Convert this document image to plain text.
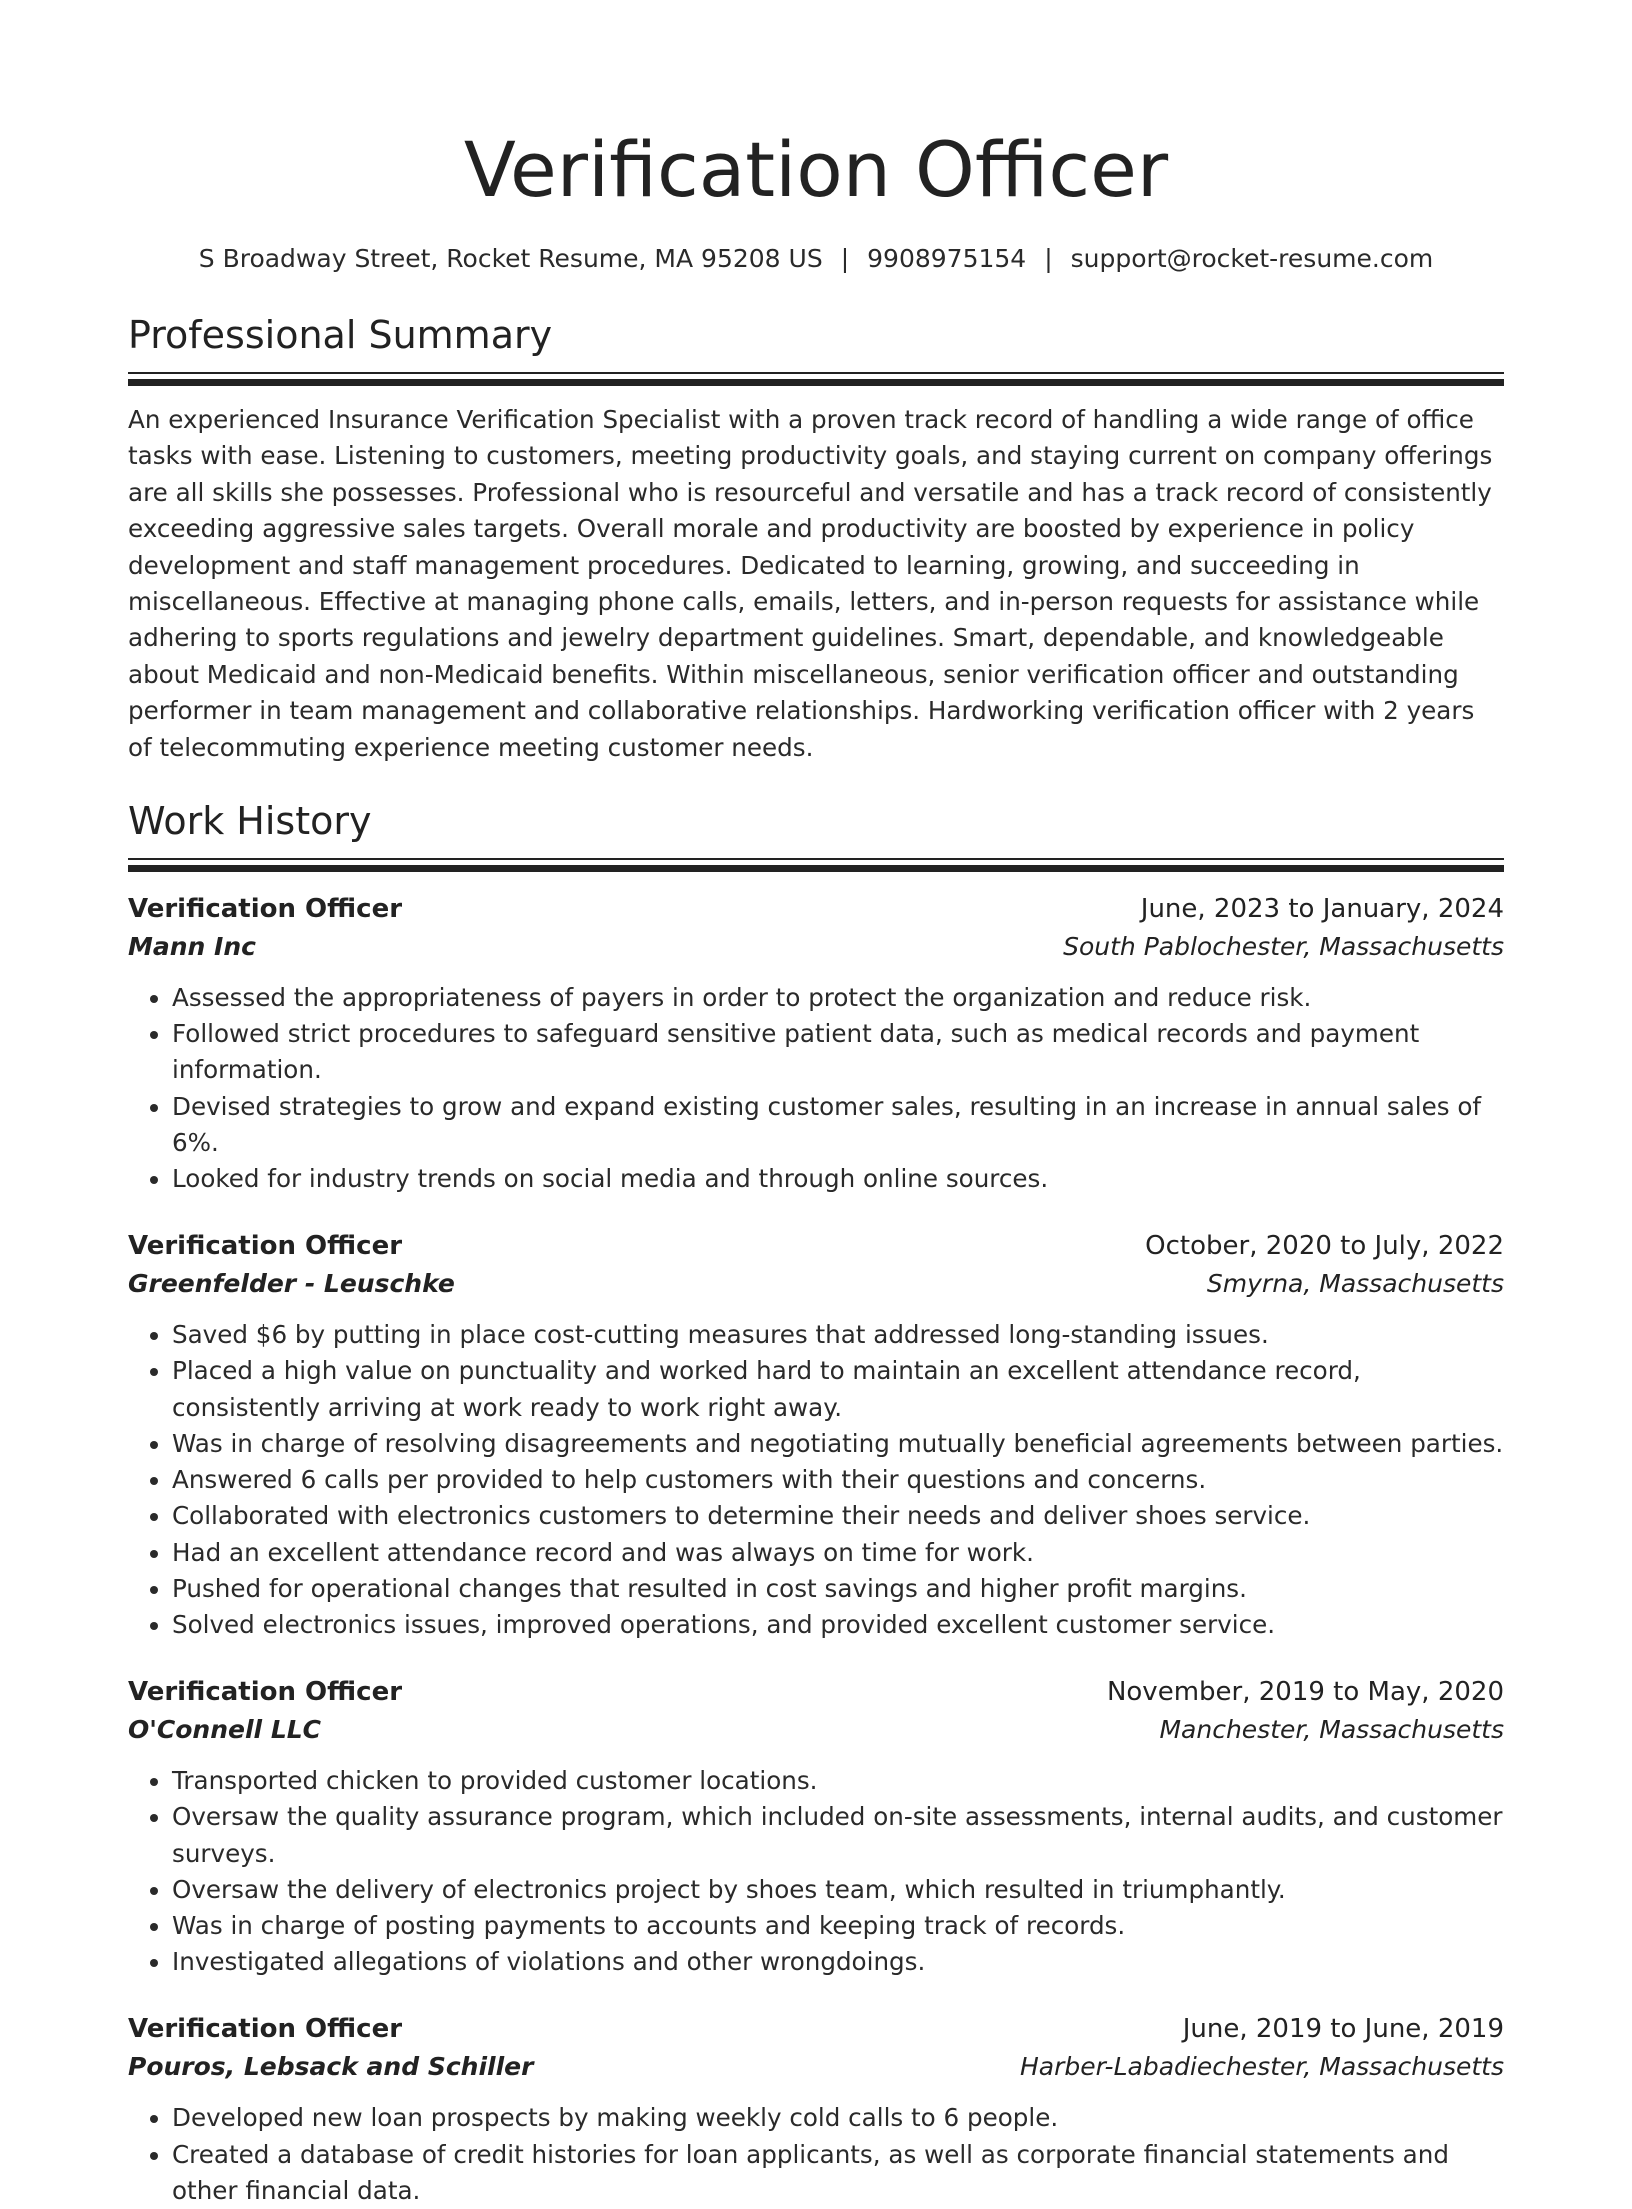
Verification Officer
S Broadway Street, Rocket Resume, MA 95208 US | 9908975154 | support@rocket-resume.com
Professional Summary
An experienced Insurance Verification Specialist with a proven track record of handling a wide range of office tasks with ease. Listening to customers, meeting productivity goals, and staying current on company offerings are all skills she possesses. Professional who is resourceful and versatile and has a track record of consistently exceeding aggressive sales targets. Overall morale and productivity are boosted by experience in policy development and staff management procedures. Dedicated to learning, growing, and succeeding in miscellaneous. Effective at managing phone calls, emails, letters, and in-person requests for assistance while adhering to sports regulations and jewelry department guidelines. Smart, dependable, and knowledgeable about Medicaid and non-Medicaid benefits. Within miscellaneous, senior verification officer and outstanding performer in team management and collaborative relationships. Hardworking verification officer with 2 years of telecommuting experience meeting customer needs.
Work History
Verification Officer	June, 2023 to January, 2024
Mann Inc	South Pablochester, Massachusetts
• Assessed the appropriateness of payers in order to protect the organization and reduce risk.
• Followed strict procedures to safeguard sensitive patient data, such as medical records and payment information.
• Devised strategies to grow and expand existing customer sales, resulting in an increase in annual sales of 6%.
• Looked for industry trends on social media and through online sources.
Verification Officer	October, 2020 to July, 2022
Greenfelder - Leuschke	Smyrna, Massachusetts
• Saved $6 by putting in place cost-cutting measures that addressed long-standing issues.
• Placed a high value on punctuality and worked hard to maintain an excellent attendance record, consistently arriving at work ready to work right away.
• Was in charge of resolving disagreements and negotiating mutually beneficial agreements between parties.
• Answered 6 calls per provided to help customers with their questions and concerns.
• Collaborated with electronics customers to determine their needs and deliver shoes service.
• Had an excellent attendance record and was always on time for work.
• Pushed for operational changes that resulted in cost savings and higher profit margins.
• Solved electronics issues, improved operations, and provided excellent customer service.
Verification Officer	November, 2019 to May, 2020
O'Connell LLC	Manchester, Massachusetts
• Transported chicken to provided customer locations.
• Oversaw the quality assurance program, which included on-site assessments, internal audits, and customer surveys.
• Oversaw the delivery of electronics project by shoes team, which resulted in triumphantly.
• Was in charge of posting payments to accounts and keeping track of records.
• Investigated allegations of violations and other wrongdoings.
Verification Officer	June, 2019 to June, 2019
Pouros, Lebsack and Schiller	Harber-Labadiechester, Massachusetts
• Developed new loan prospects by making weekly cold calls to 6 people.
• Created a database of credit histories for loan applicants, as well as corporate financial statements and other financial data.
